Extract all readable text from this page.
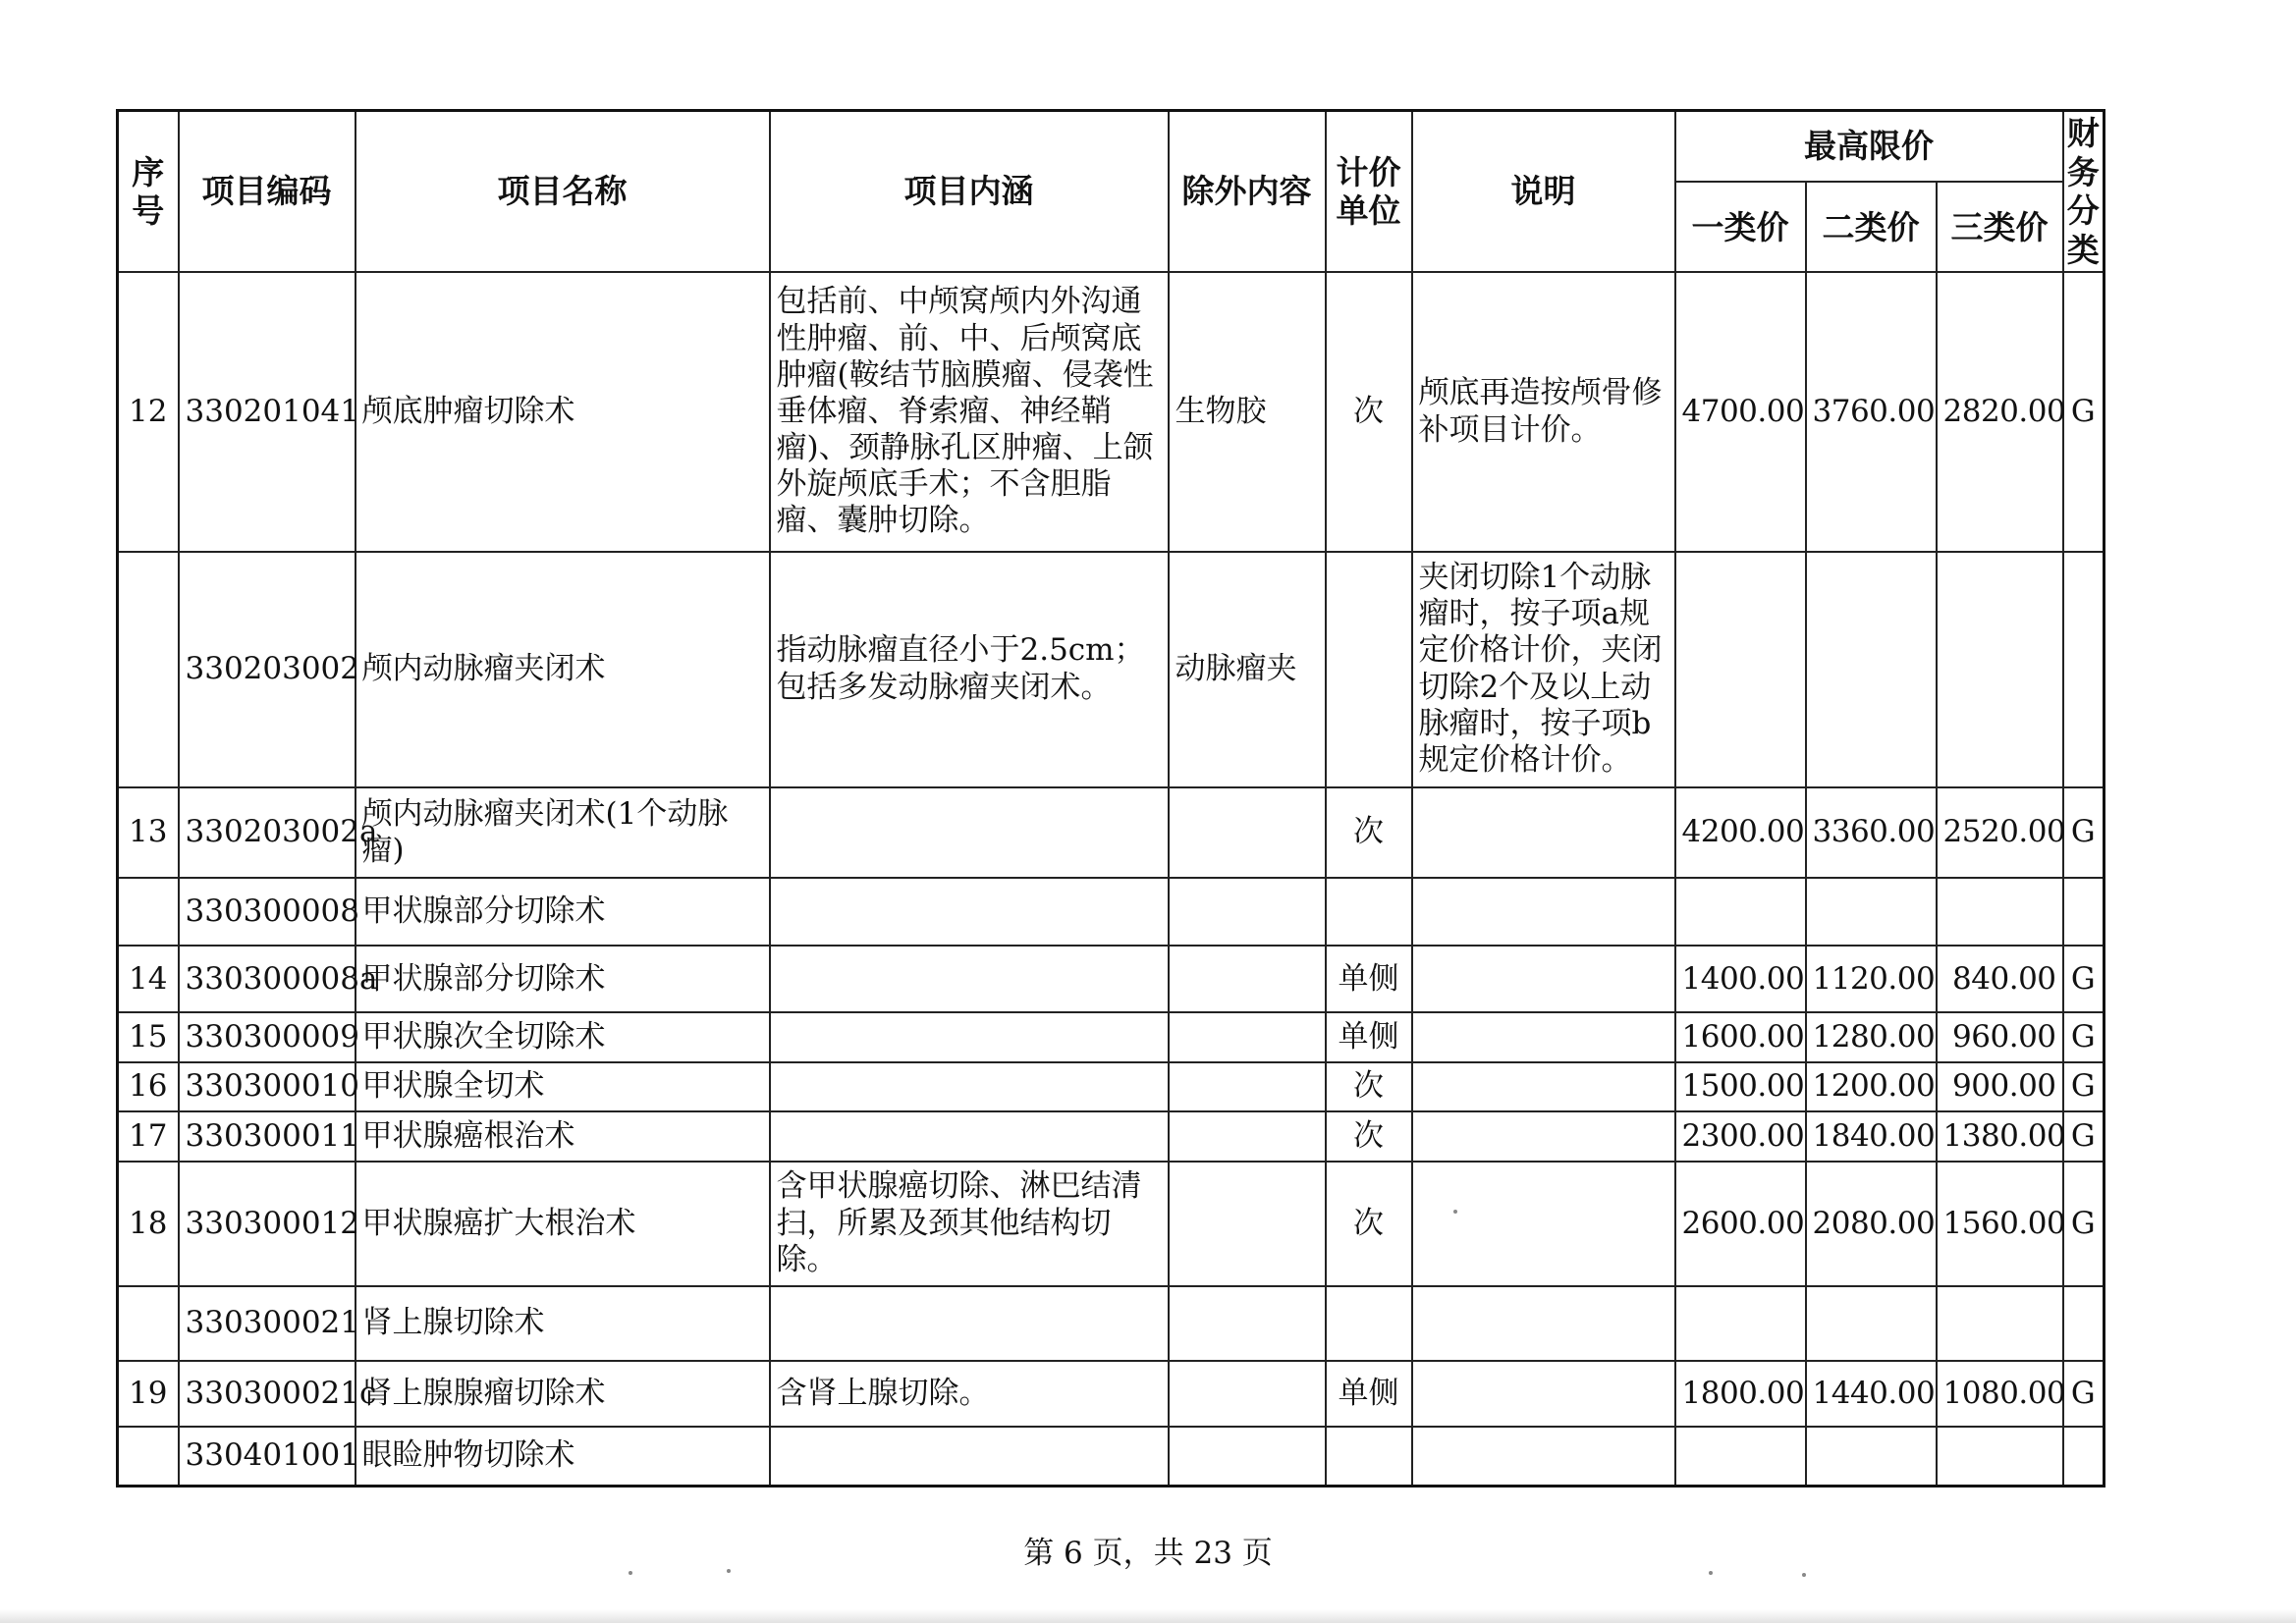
序号	项目编码	项目名称	项目内涵	除外内容	计价单位	说明	最高限价			财务分类
							一类价	二类价	三类价	
12	330201041	颅底肿瘤切除术	包括前、中颅窝颅内外沟通性肿瘤、前、中、后颅窝底肿瘤(鞍结节脑膜瘤、侵袭性垂体瘤、脊索瘤、神经鞘瘤)、颈静脉孔区肿瘤、上颌外旋颅底手术；不含胆脂瘤、囊肿切除。	生物胶	次	颅底再造按颅骨修补项目计价。	4700.00	3760.00	2820.00	G
	330203002	颅内动脉瘤夹闭术	指动脉瘤直径小于2.5cm；包括多发动脉瘤夹闭术。	动脉瘤夹		夹闭切除1个动脉瘤时，按子项a规定价格计价，夹闭切除2个及以上动脉瘤时，按子项b规定价格计价。				
13	330203002a	颅内动脉瘤夹闭术(1个动脉瘤)			次		4200.00	3360.00	2520.00	G
	330300008	甲状腺部分切除术								
14	330300008a	甲状腺部分切除术			单侧		1400.00	1120.00	840.00	G
15	330300009	甲状腺次全切除术			单侧		1600.00	1280.00	960.00	G
16	330300010	甲状腺全切术			次		1500.00	1200.00	900.00	G
17	330300011	甲状腺癌根治术			次		2300.00	1840.00	1380.00	G
18	330300012	甲状腺癌扩大根治术	含甲状腺癌切除、淋巴结清扫，所累及颈其他结构切除。		次		2600.00	2080.00	1560.00	G
	330300021	肾上腺切除术								
19	330300021c	肾上腺腺瘤切除术	含肾上腺切除。		单侧		1800.00	1440.00	1080.00	G
	330401001	眼睑肿物切除术								
第 6 页，共 23 页
